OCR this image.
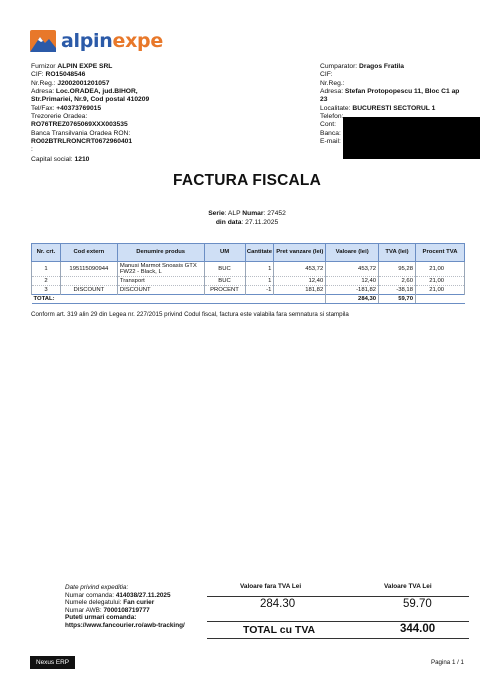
alpinexpe
Furnizor ALPIN EXPE SRL
CIF: RO15048546
Nr.Reg.: J2002001201057
Adresa: Loc.ORADEA, jud.BIHOR,
Str.Primariei, Nr.9, Cod postal 410209
Tel/Fax: +40373769015
Trezorerie Oradea:
RO76TREZ0765069XXX003535
Banca Transilvania Oradea RON:
RO02BTRLRONCRT0672960401
:
Capital social: 1210
Cumparator: Dragos Fratila
CIF:
Nr.Reg.:
Adresa: Stefan Protopopescu 11, Bloc C1 ap
23
Localitate: BUCURESTI SECTORUL 1
Telefon:
Cont:
Banca:
E-mail:
FACTURA FISCALA
Serie: ALP Numar: 27452
din data: 27.11.2025
Nr. crt.	Cod extern	Denumire produs	UM	Cantitate	Pret vanzare (lei)	Valoare (lei)	TVA (lei)	Procent TVA
1	195115090944	Manusi Marmot Snoasis GTX FW22 - Black, L	BUC	1	453,72	453,72	95,28	21,00
2		Transport	BUC	1	12,40	12,40	2,60	21,00
3	DISCOUNT	DISCOUNT	PROCENT	-1	181,82	-181,82	-38,18	21,00
TOTAL:						284,30	59,70	
Conform art. 319 alin 29 din Legea nr. 227/2015 privind Codul fiscal, factura este valabila fara semnatura si stampila
Date privind expeditia:
Numar comanda: 414038/27.11.2025
Numele delegatului: Fan curier
Numar AWB: 7000108719777
Puteti urmari comanda:
https://www.fancourier.ro/awb-tracking/
Valoare fara TVA Lei	Valoare TVA Lei
284.30	59.70
TOTAL cu TVA	344.00
Nexus ERP	Pagina 1 / 1
